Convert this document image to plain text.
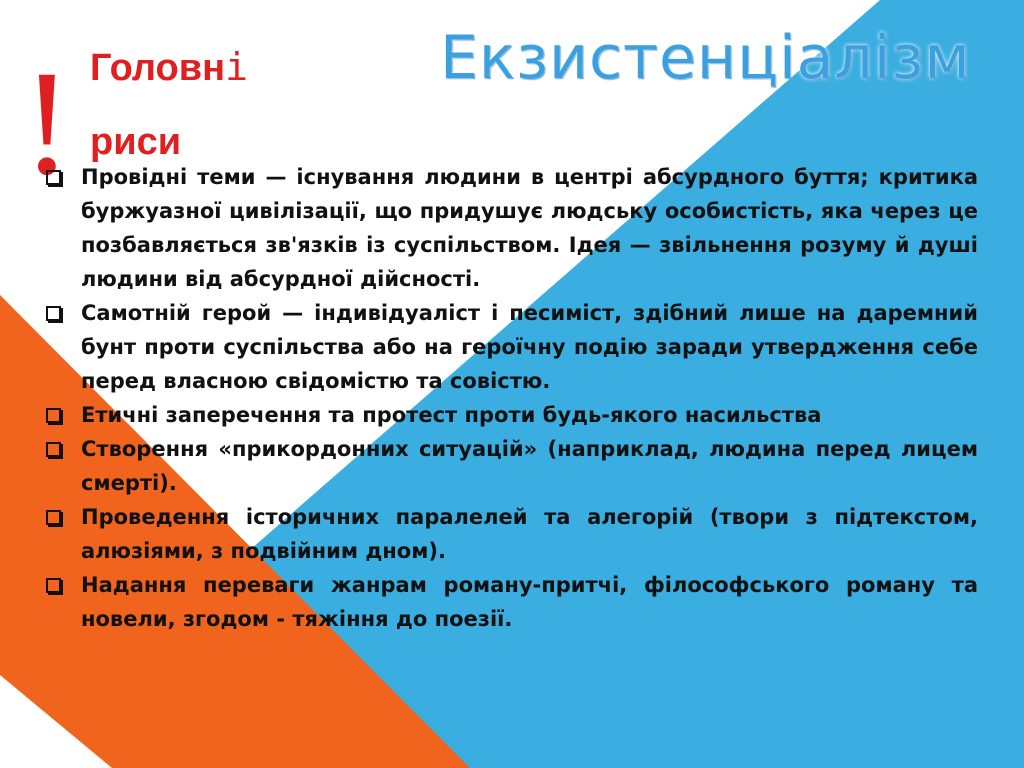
Екзистенціалізм
! Головні
риси
Провідні теми — існування людини в центрі абсурдного буття; критика буржуазної цивілізації, що придушує людську особистість, яка через це позбавляється зв'язків із суспільством. Ідея — звільнення розуму й душі людини від абсурдної дійсності.
Самотній герой — індивідуаліст і песиміст, здібний лише на даремний бунт проти суспільства або на героїчну подію заради утвердження себе перед власною свідомістю та совістю.
Етичні заперечення та протест проти будь-якого насильства
Створення «прикордонних ситуацій» (наприклад, людина перед лицем смерті).
Проведення історичних паралелей та алегорій (твори з підтекстом, алюзіями, з подвійним дном).
Надання переваги жанрам роману-притчі, філософського роману та новели, згодом - тяжіння до поезії.
